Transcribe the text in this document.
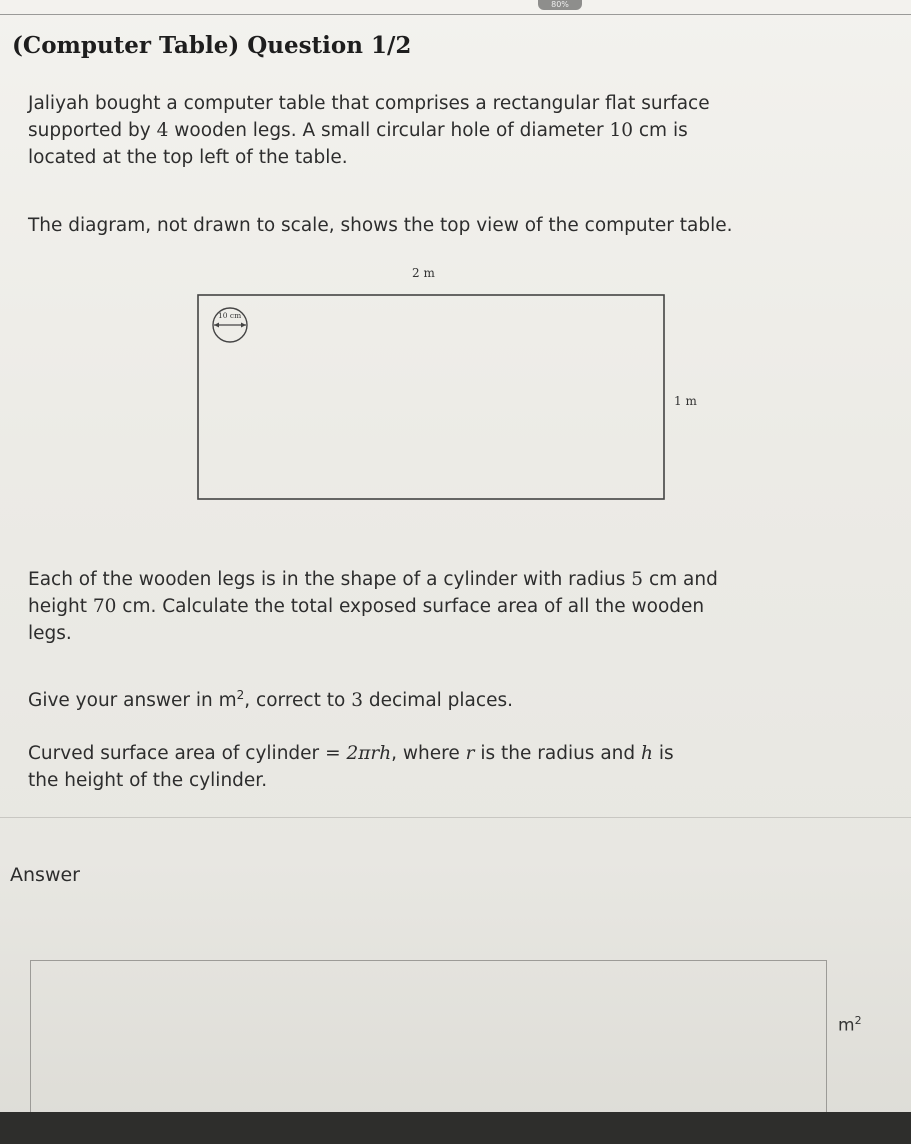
80%
(Computer Table) Question 1/2
Jaliyah bought a computer table that comprises a rectangular flat surface
supported by 4 wooden legs. A small circular hole of diameter 10 cm is
located at the top left of the table.
The diagram, not drawn to scale, shows the top view of the computer table.
2 m
1 m
10 cm
Each of the wooden legs is in the shape of a cylinder with radius 5 cm and
height 70 cm. Calculate the total exposed surface area of all the wooden
legs.
Give your answer in $m^2$, correct to 3 decimal places.
Curved surface area of cylinder = 2πrh, where r is the radius and h is
the height of the cylinder.
Answer
$m^2$
